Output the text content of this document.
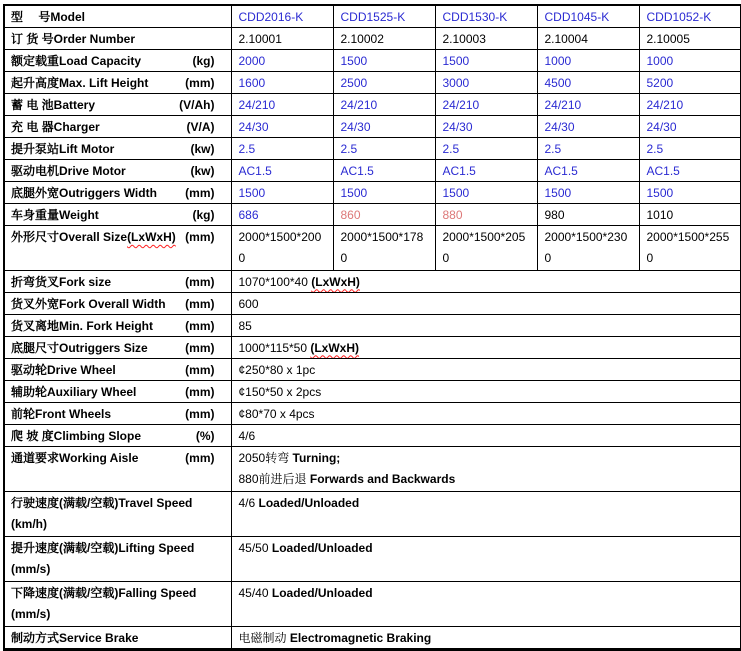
型　 号 Model	CDD2016-K	CDD1525-K	CDD1530-K	CDD1045-K	CDD1052-K

订 货 号 Order Number	2.10001	2.10002	2.10003	2.10004	2.10005

额定载重 Load Capacity (kg)	2000	1500	1500	1000	1000

起升高度 Max. Lift Height (mm)	1600	2500	3000	4500	5200

蓄 电 池 Battery (V/Ah)	24/210	24/210	24/210	24/210	24/210

充 电 器 Charger (V/A)	24/30	24/30	24/30	24/30	24/30

提升泵站 Lift Motor (kw)	2.5	2.5	2.5	2.5	2.5

驱动电机 Drive Motor (kw)	AC1.5	AC1.5	AC1.5	AC1.5	AC1.5

底腿外宽 Outriggers Width (mm)	1500	1500	1500	1500	1500

车身重量 Weight (kg)	686	860	880	980	1010

外形尺寸 Overall Size (LxWxH) (mm)	2000*1500*2000	2000*1500*1780	2000*1500*2050	2000*1500*2300	2000*1500*2550

折弯货叉 Fork size (mm)	1070*100*40 (LxWxH)				

货叉外宽 Fork Overall Width (mm)	600				

货叉离地 Min. Fork Height (mm)	85				

底腿尺寸 Outriggers Size (mm)	1000*115*50 (LxWxH)				

驱动轮 Drive Wheel (mm)	¢250*80 x 1pc				

辅助轮 Auxiliary Wheel (mm)	¢150*50 x 2pcs				

前轮 Front Wheels (mm)	¢80*70 x 4pcs				

爬 坡 度 Climbing Slope (%)	4/6				

通道要求 Working Aisle (mm)	2050转弯 Turning;
880前进后退 Forwards and Backwards				

行驶速度(满载/空载) Travel Speed
(km/h)	4/6 Loaded/Unloaded				

提升速度(满载/空载) Lifting Speed
(mm/s)	45/50 Loaded/Unloaded				

下降速度(满载/空载) Falling Speed
(mm/s)	45/40 Loaded/Unloaded				

制动方式 Service Brake	电磁制动 Electromagnetic Braking				
